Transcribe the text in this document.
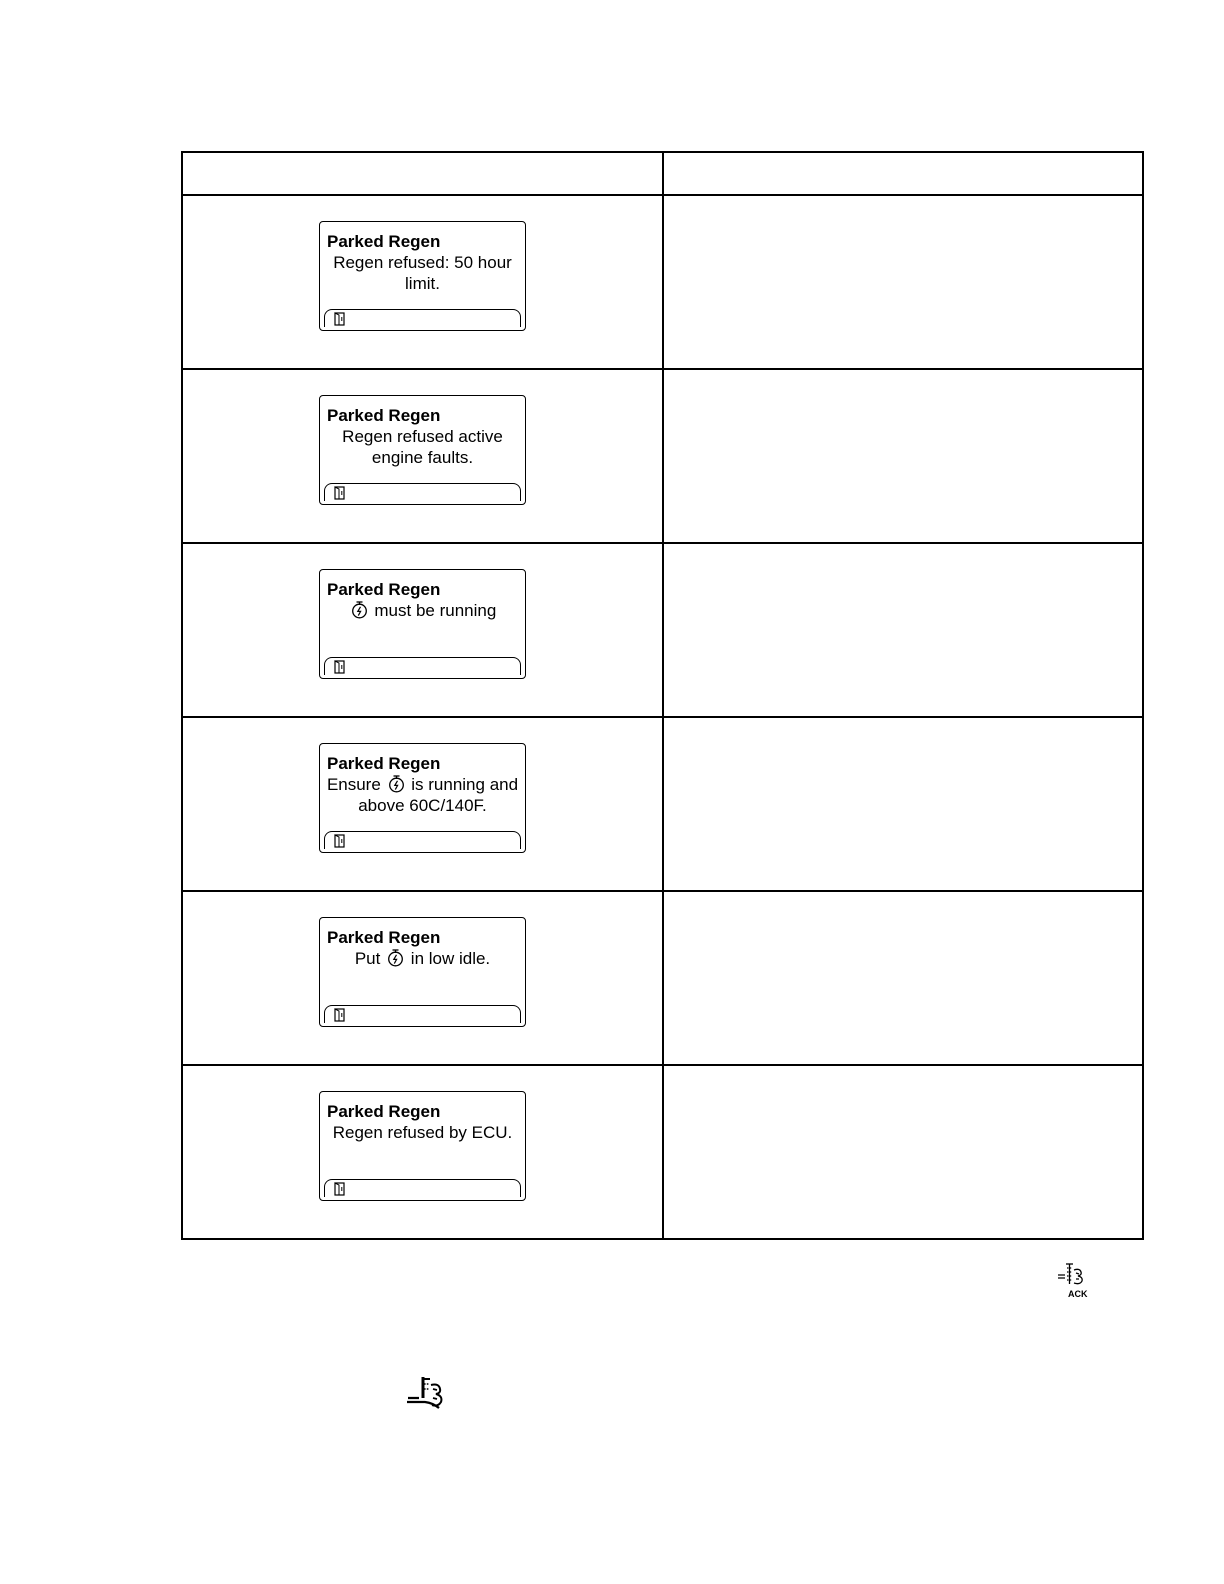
Parked Regen
Regen refused: 50 hour
limit.	

Parked Regen
Regen refused active
engine faults.	

Parked Regen
must be running	

Parked Regen
Ensure  is running and
above 60C/140F.	

Parked Regen
Put  in low idle.	

Parked Regen
Regen refused by ECU.	

ACK
